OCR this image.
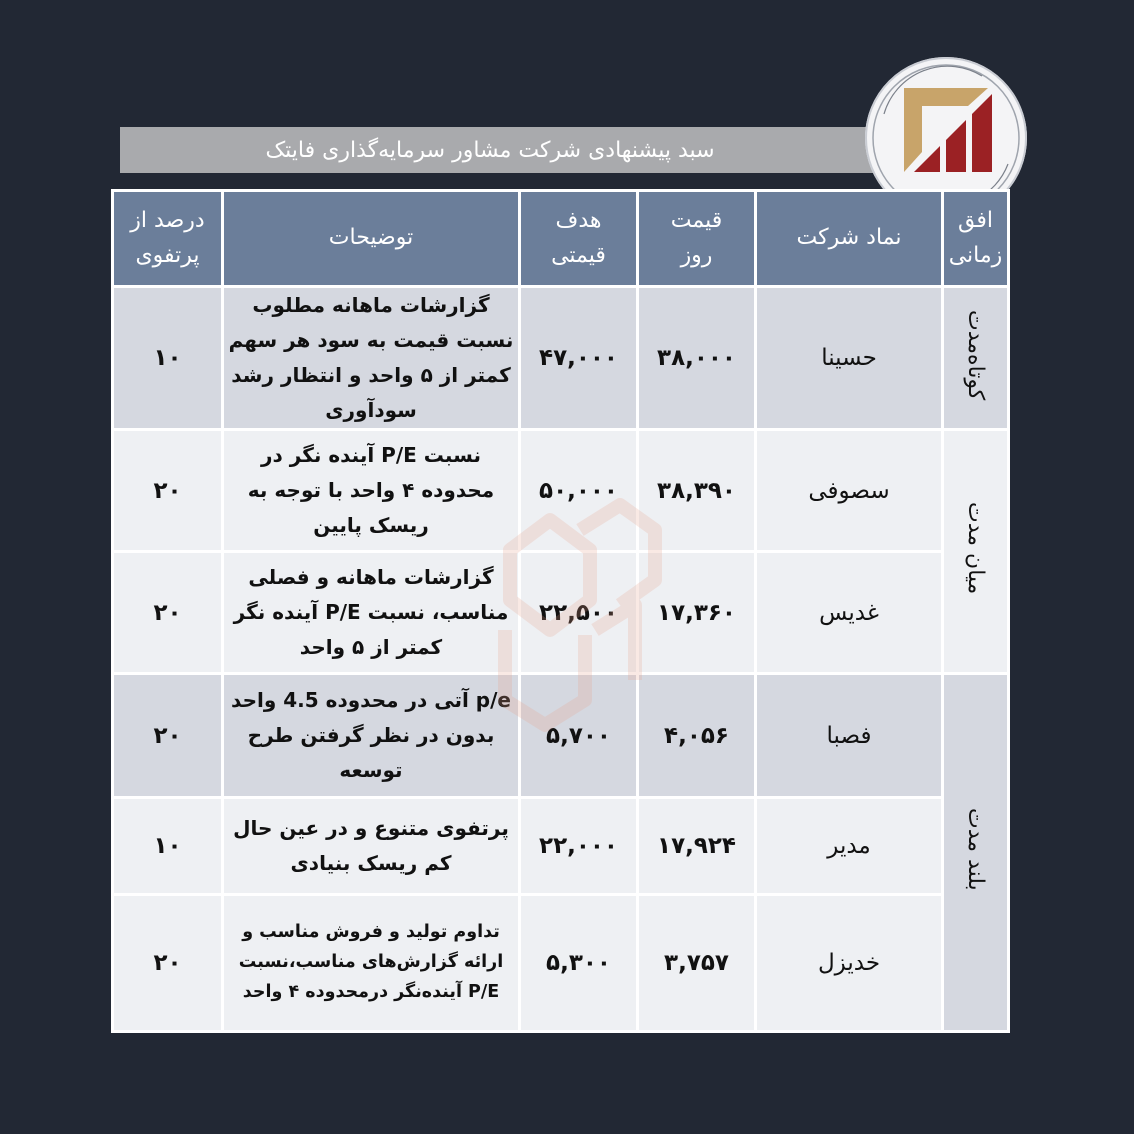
سبد پیشنهادی شرکت مشاور سرمایه‌گذاری فایتک
افق زمانی	نماد شرکت	قیمت روز	هدف قیمتی	توضیحات	درصد از پرتفوی
کوتاه‌مدت	حسینا	۳۸,۰۰۰	۴۷,۰۰۰	گزارشات ماهانه مطلوب نسبت قیمت به سود هر سهم کمتر از ۵ واحد و انتظار رشد سودآوری	۱۰
میان مدت	سصوفی	۳۸,۳۹۰	۵۰,۰۰۰	نسبت P/E آینده نگر در محدوده ۴ واحد با توجه به ریسک پایین	۲۰
	غدیس	۱۷,۳۶۰	۲۲,۵۰۰	گزارشات ماهانه و فصلی مناسب، نسبت P/E آینده نگر کمتر از ۵ واحد	۲۰
بلند مدت	فصبا	۴,۰۵۶	۵,۷۰۰	p/e آتی در محدوده 4.5 واحد بدون در نظر گرفتن طرح توسعه	۲۰
	مدیر	۱۷,۹۲۴	۲۲,۰۰۰	پرتفوی متنوع و در عین حال کم ریسک بنیادی	۱۰
	خدیزل	۳,۷۵۷	۵,۳۰۰	تداوم تولید و فروش مناسب و ارائه گزارش‌های مناسب،نسبت P/E آینده‌نگر درمحدوده ۴ واحد	۲۰
